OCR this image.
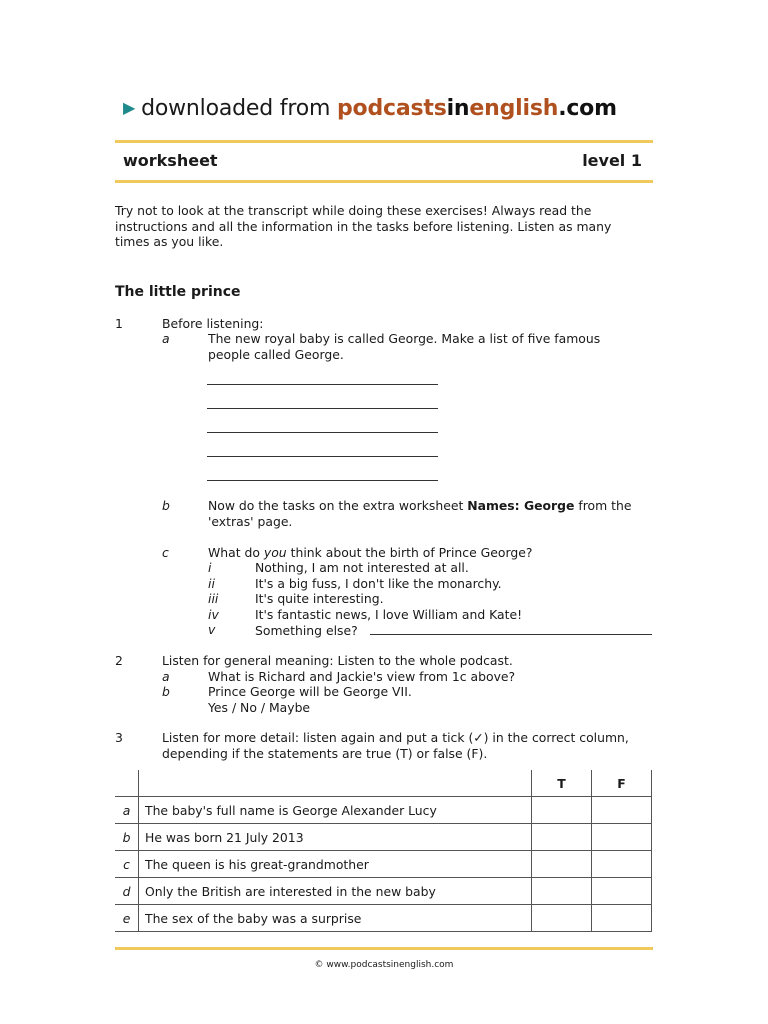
▶ downloaded from podcastsinenglish.com
worksheet	level 1
Try not to look at the transcript while doing these exercises! Always read the instructions and all the information in the tasks before listening. Listen as many times as you like.
The little prince
1	Before listening:
a	The new royal baby is called George. Make a list of five famous people called George.
b	Now do the tasks on the extra worksheet Names: George from the 'extras' page.
c	What do you think about the birth of Prince George?
i	Nothing, I am not interested at all.
ii	It's a big fuss, I don't like the monarchy.
iii	It's quite interesting.
iv	It's fantastic news, I love William and Kate!
v	Something else?
2	Listen for general meaning: Listen to the whole podcast.
a	What is Richard and Jackie's view from 1c above?
b	Prince George will be George VII.
Yes / No / Maybe
3	Listen for more detail: listen again and put a tick (✓) in the correct column, depending if the statements are true (T) or false (F).
		T	F
a	The baby's full name is George Alexander Lucy		
b	He was born 21 July 2013		
c	The queen is his great-grandmother		
d	Only the British are interested in the new baby		
e	The sex of the baby was a surprise		
© www.podcastsinenglish.com
